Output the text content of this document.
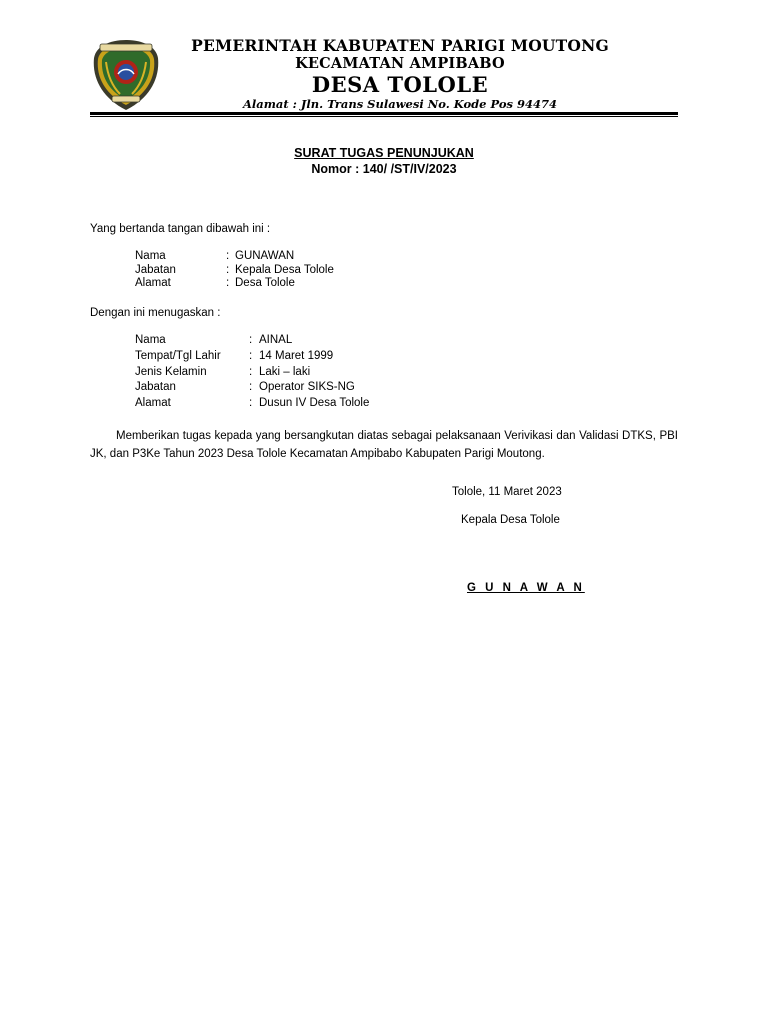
PEMERINTAH KABUPATEN PARIGI MOUTONG
KECAMATAN AMPIBABO
DESA TOLOLE
Alamat : Jln. Trans Sulawesi No. Kode Pos 94474
SURAT TUGAS PENUNJUKAN
Nomor : 140/ /ST/IV/2023
Yang bertanda tangan dibawah ini :
Nama	: GUNAWAN
Jabatan	: Kepala Desa Tolole
Alamat	: Desa Tolole
Dengan ini menugaskan :
Nama	: AINAL
Tempat/Tgl Lahir : 14 Maret 1999
Jenis Kelamin	: Laki – laki
Jabatan	: Operator SIKS-NG
Alamat	: Dusun IV Desa Tolole
Memberikan tugas kepada yang bersangkutan diatas sebagai pelaksanaan Verivikasi dan Validasi DTKS, PBI JK, dan P3Ke Tahun 2023 Desa Tolole Kecamatan Ampibabo Kabupaten Parigi Moutong.
Tolole, 11 Maret 2023
Kepala Desa Tolole
G U N A W A N
